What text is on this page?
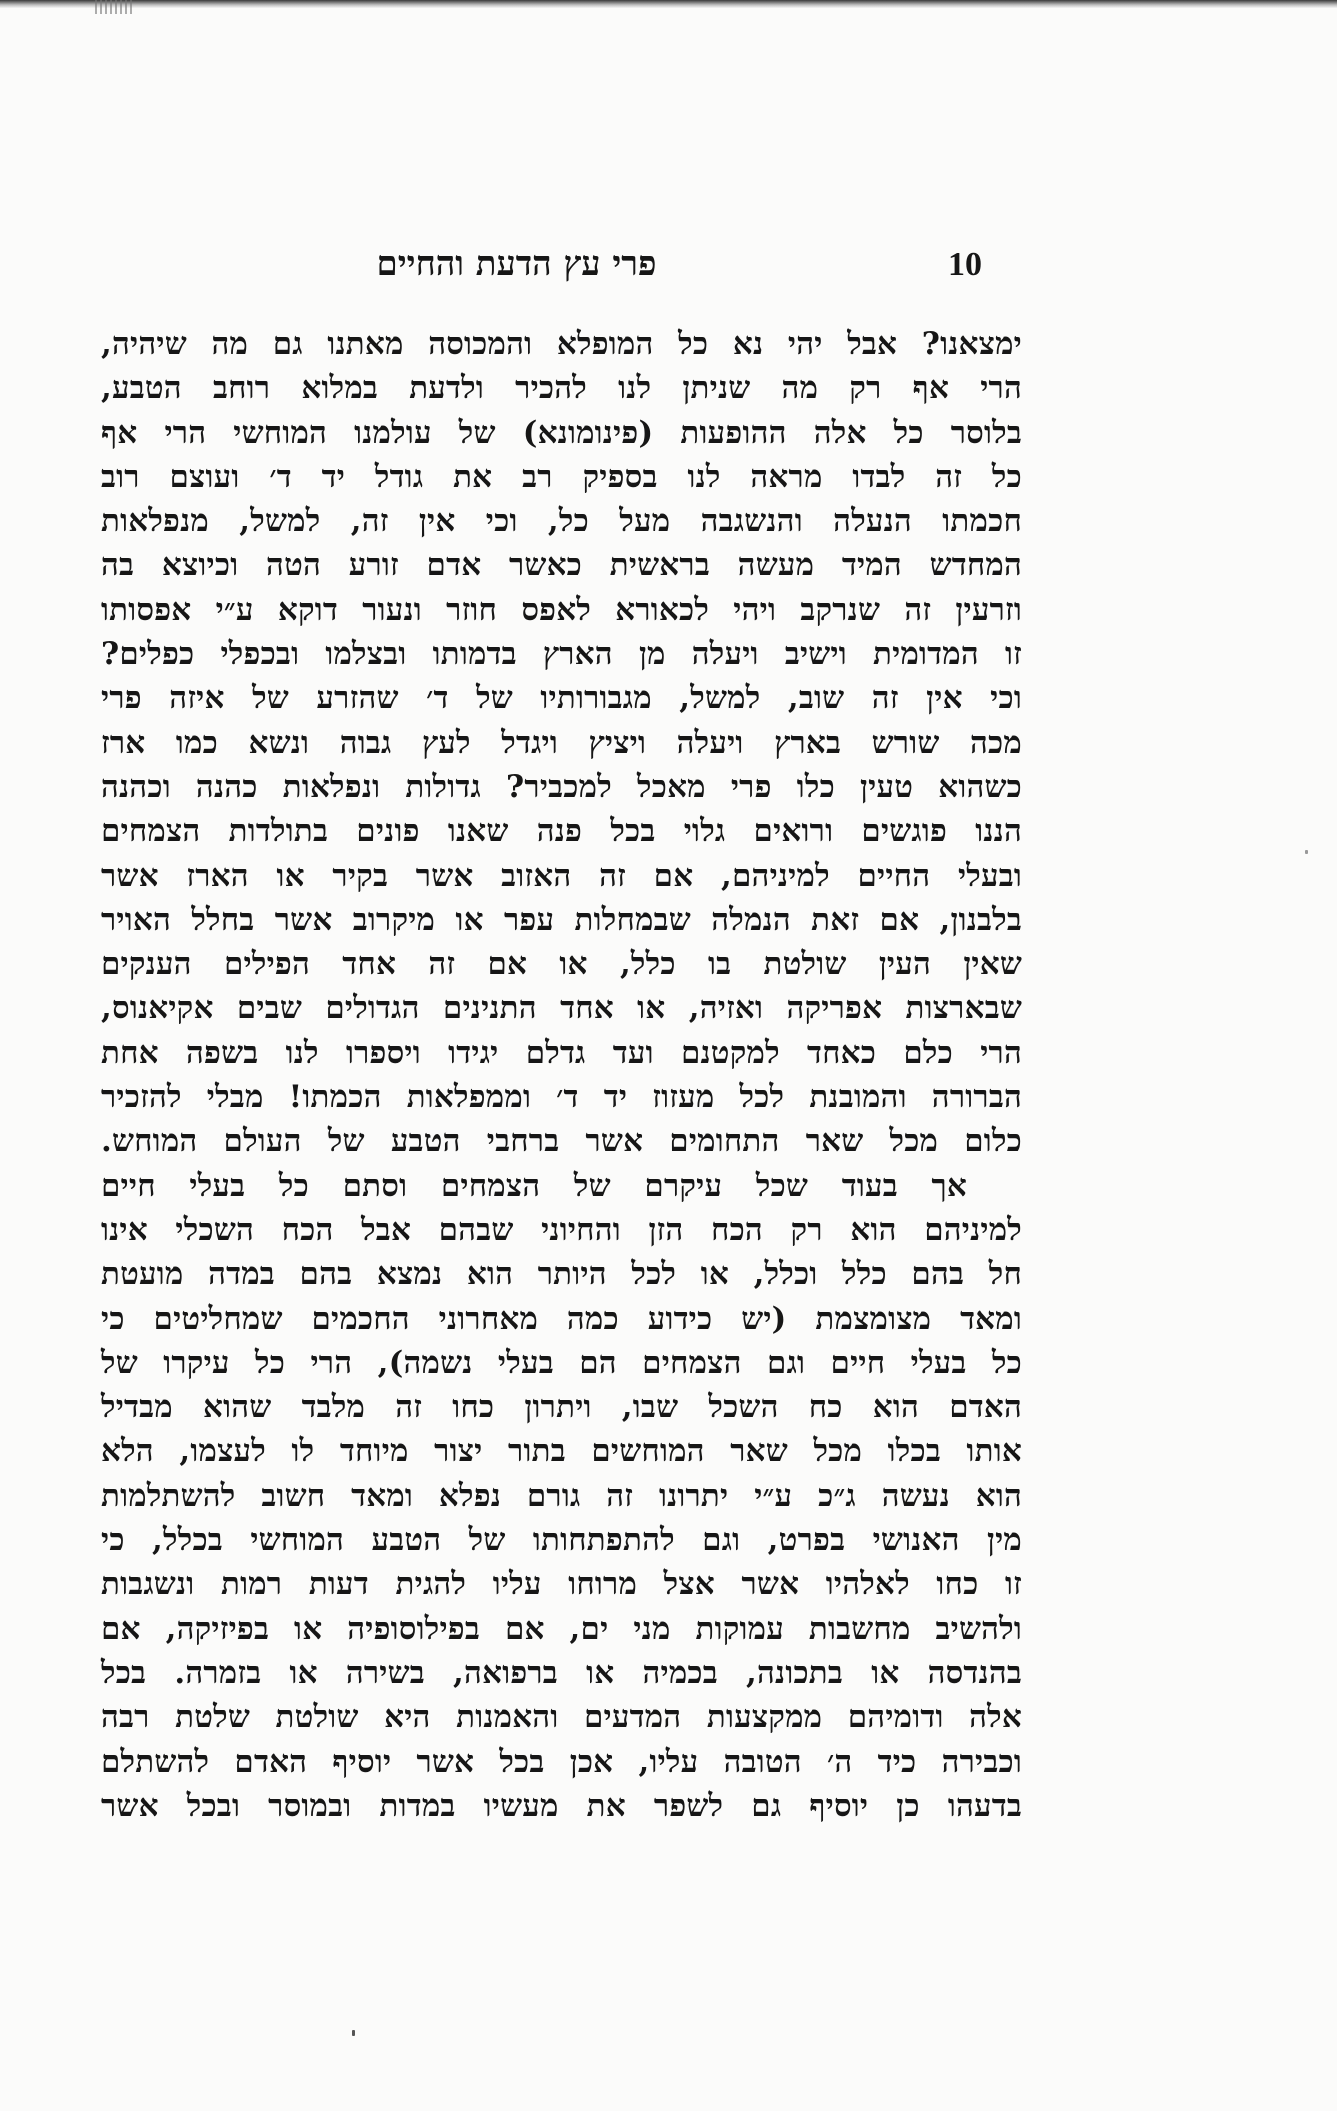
פרי עץ הדעת והחיים	10
ימצאנו? אבל יהי נא כל המופלא והמכוסה מאתנו גם מה שיהיה,
הרי אף רק מה שניתן לנו להכיר ולדעת במלוא רוחב הטבע,
בלוסר כל אלה ההופעות (פינומונא) של עולמנו המוחשי הרי אף
כל זה לבדו מראה לנו בספיק רב את גודל יד ד׳ ועוצם רוב
חכמתו הנעלה והנשגבה מעל כל, וכי אין זה, למשל, מנפלאות
המחדש המיד מעשה בראשית כאשר אדם זורע הטה וכיוצא בה
וזרעין זה שנרקב ויהי לכאורא לאפס חוזר ונעור דוקא ע״י אפסותו
זו המדומית וישיב ויעלה מן הארץ בדמותו ובצלמו ובכפלי כפלים?
וכי אין זה שוב, למשל, מגבורותיו של ד׳ שהזרע של איזה פרי
מכה שורש בארץ ויעלה ויציץ ויגדל לעץ גבוה ונשא כמו ארז
כשהוא טעין כלו פרי מאכל למכביר? גדולות ונפלאות כהנה וכהנה
הננו פוגשים ורואים גלוי בכל פנה שאנו פונים בתולדות הצמחים
ובעלי החיים למיניהם, אם זה האזוב אשר בקיר או הארז אשר
בלבנון, אם זאת הנמלה שבמחלות עפר או מיקרוב אשר בחלל האויר
שאין העין שולטת בו כלל, או אם זה אחד הפילים הענקים
שבארצות אפריקה ואזיה, או אחד התנינים הגדולים שבים אקיאנוס,
הרי כלם כאחד למקטנם ועד גדלם יגידו ויספרו לנו בשפה אחת
הברורה והמובנת לכל מעזוז יד ד׳ וממפלאות הכמתו! מבלי להזכיר
כלום מכל שאר התחומים אשר ברחבי הטבע של העולם המוחש.
אך בעוד שכל עיקרם של הצמחים וסתם כל בעלי חיים
למיניהם הוא רק הכח הזן והחיוני שבהם אבל הכח השכלי אינו
חל בהם כלל וכלל, או לכל היותר הוא נמצא בהם במדה מועטת
ומאד מצומצמת (יש כידוע כמה מאחרוני החכמים שמחליטים כי
כל בעלי חיים וגם הצמחים הם בעלי נשמה), הרי כל עיקרו של
האדם הוא כח השכל שבו, ויתרון כחו זה מלבד שהוא מבדיל
אותו בכלו מכל שאר המוחשים בתור יצור מיוחד לו לעצמו, הלא
הוא נעשה ג״כ ע״י יתרונו זה גורם נפלא ומאד חשוב להשתלמות
מין האנושי בפרט, וגם להתפתחותו של הטבע המוחשי בכלל, כי
זו כחו לאלהיו אשר אצל מרוחו עליו להגית דעות רמות ונשגבות
ולהשיב מחשבות עמוקות מני ים, אם בפילוסופיה או בפיזיקה, אם
בהנדסה או בתכונה, בכמיה או ברפואה, בשירה או בזמרה. בכל
אלה ודומיהם ממקצעות המדעים והאמנות היא שולטת שלטת רבה
וכבירה כיד ה׳ הטובה עליו, אכן בכל אשר יוסיף האדם להשתלם
בדעהו כן יוסיף גם לשפר את מעשיו במדות ובמוסר ובכל אשר
